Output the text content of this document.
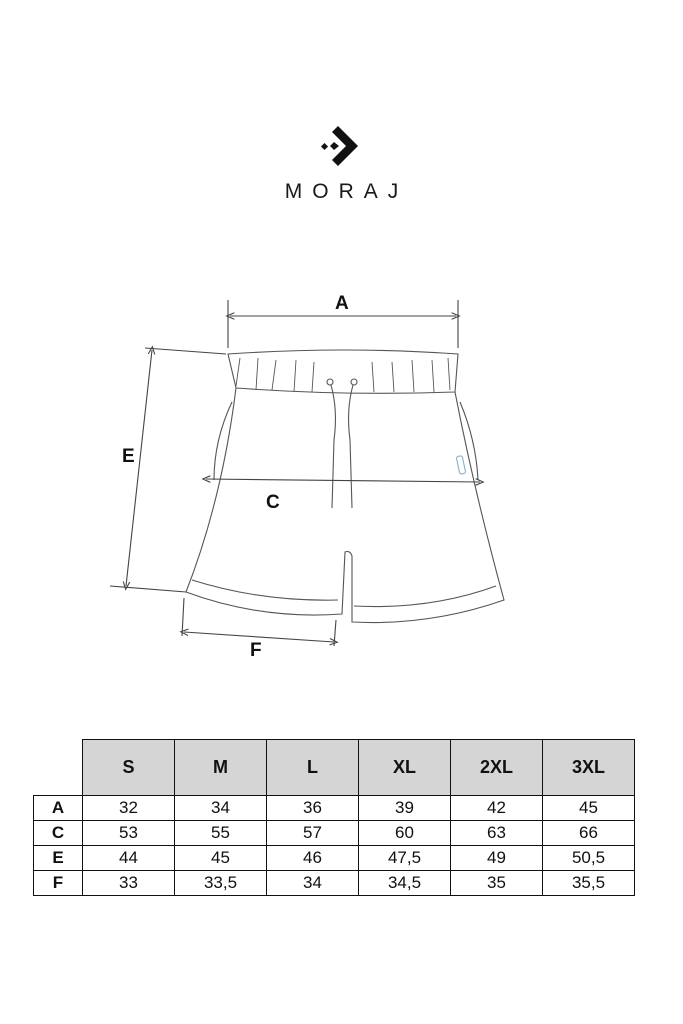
MORAJ
A
C
E
F
	S	M	L	XL	2XL	3XL
A	32	34	36	39	42	45
C	53	55	57	60	63	66
E	44	45	46	47,5	49	50,5
F	33	33,5	34	34,5	35	35,5
